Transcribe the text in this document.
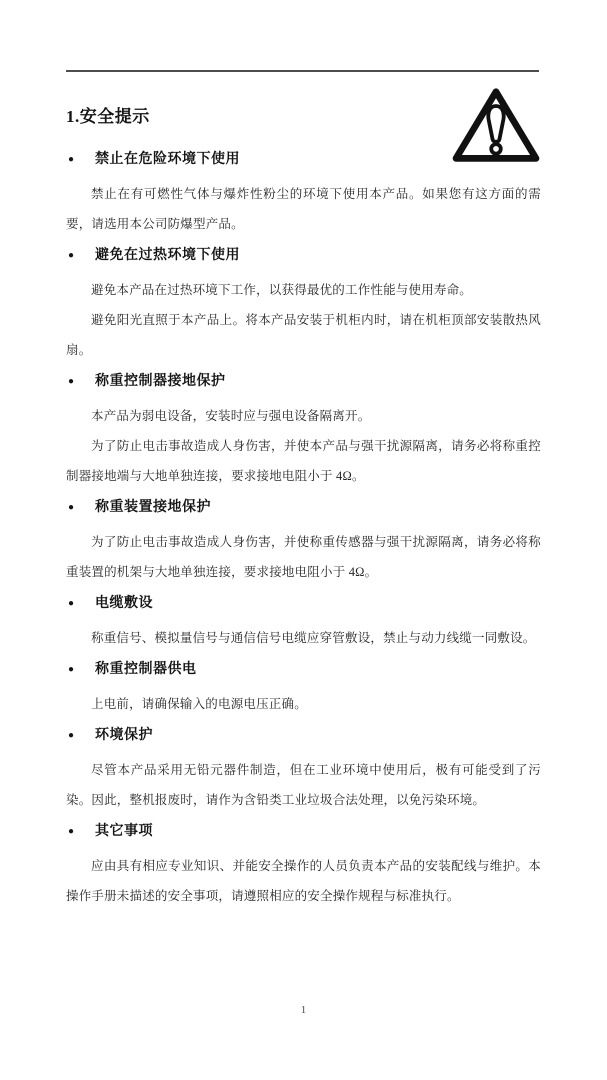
1.安全提示
●	禁止在危险环境下使用

禁止在有可燃性气体与爆炸性粉尘的环境下使用本产品。如果您有这方面的需要，请选用本公司防爆型产品。

●	避免在过热环境下使用

避免本产品在过热环境下工作，以获得最优的工作性能与使用寿命。

避免阳光直照于本产品上。将本产品安装于机柜内时，请在机柜顶部安装散热风扇。

●	称重控制器接地保护

本产品为弱电设备，安装时应与强电设备隔离开。

为了防止电击事故造成人身伤害，并使本产品与强干扰源隔离，请务必将称重控制器接地端与大地单独连接，要求接地电阻小于 4Ω。

●	称重装置接地保护

为了防止电击事故造成人身伤害，并使称重传感器与强干扰源隔离，请务必将称重装置的机架与大地单独连接，要求接地电阻小于 4Ω。

●	电缆敷设

称重信号、模拟量信号与通信信号电缆应穿管敷设，禁止与动力线缆一同敷设。

●	称重控制器供电

上电前，请确保输入的电源电压正确。

●	环境保护

尽管本产品采用无铅元器件制造，但在工业环境中使用后，极有可能受到了污染。因此，整机报废时，请作为含铅类工业垃圾合法处理，以免污染环境。

●	其它事项

应由具有相应专业知识、并能安全操作的人员负责本产品的安装配线与维护。本操作手册未描述的安全事项，请遵照相应的安全操作规程与标准执行。

1
